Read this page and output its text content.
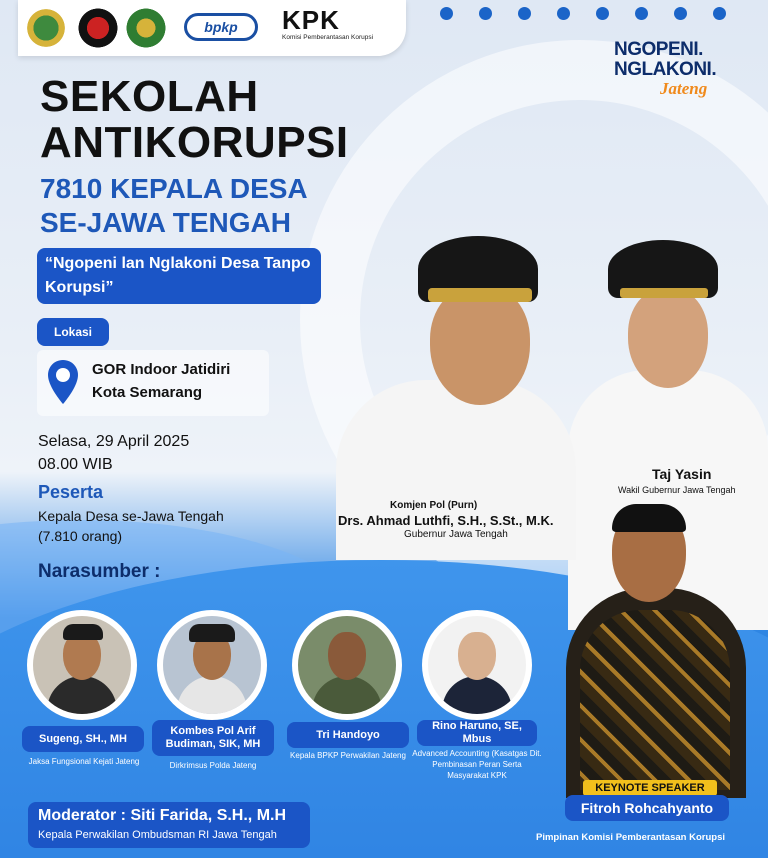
bpkp KPK
Komisi Pemberantasan Korupsi
NGOPENI.
NGLAKONI.
Jateng
SEKOLAH
ANTIKORUPSI
7810 KEPALA DESA
SE-JAWA TENGAH
“Ngopeni lan Nglakoni Desa Tanpo Korupsi”
Lokasi
GOR Indoor Jatidiri
Kota Semarang
Selasa, 29 April 2025
08.00 WIB
Peserta
Kepala Desa se-Jawa Tengah
(7.810 orang)
Taj Yasin
Wakil Gubernur Jawa Tengah
Komjen Pol (Purn)
Drs. Ahmad Luthfi, S.H., S.St., M.K.
Gubernur Jawa Tengah
Narasumber :
Sugeng, SH., MH
Jaksa Fungsional Kejati Jateng
Kombes Pol Arif Budiman, SIK, MH
Dirkrimsus Polda Jateng
Tri Handoyo
Kepala BPKP Perwakilan Jateng
Rino Haruno, SE, Mbus
Advanced Accounting (Kasatgas Dit. Pembinasan Peran Serta Masyarakat KPK
KEYNOTE SPEAKER
Fitroh Rohcahyanto
Pimpinan Komisi Pemberantasan Korupsi
Moderator : Siti Farida, S.H., M.H
Kepala Perwakilan Ombudsman RI Jawa Tengah
